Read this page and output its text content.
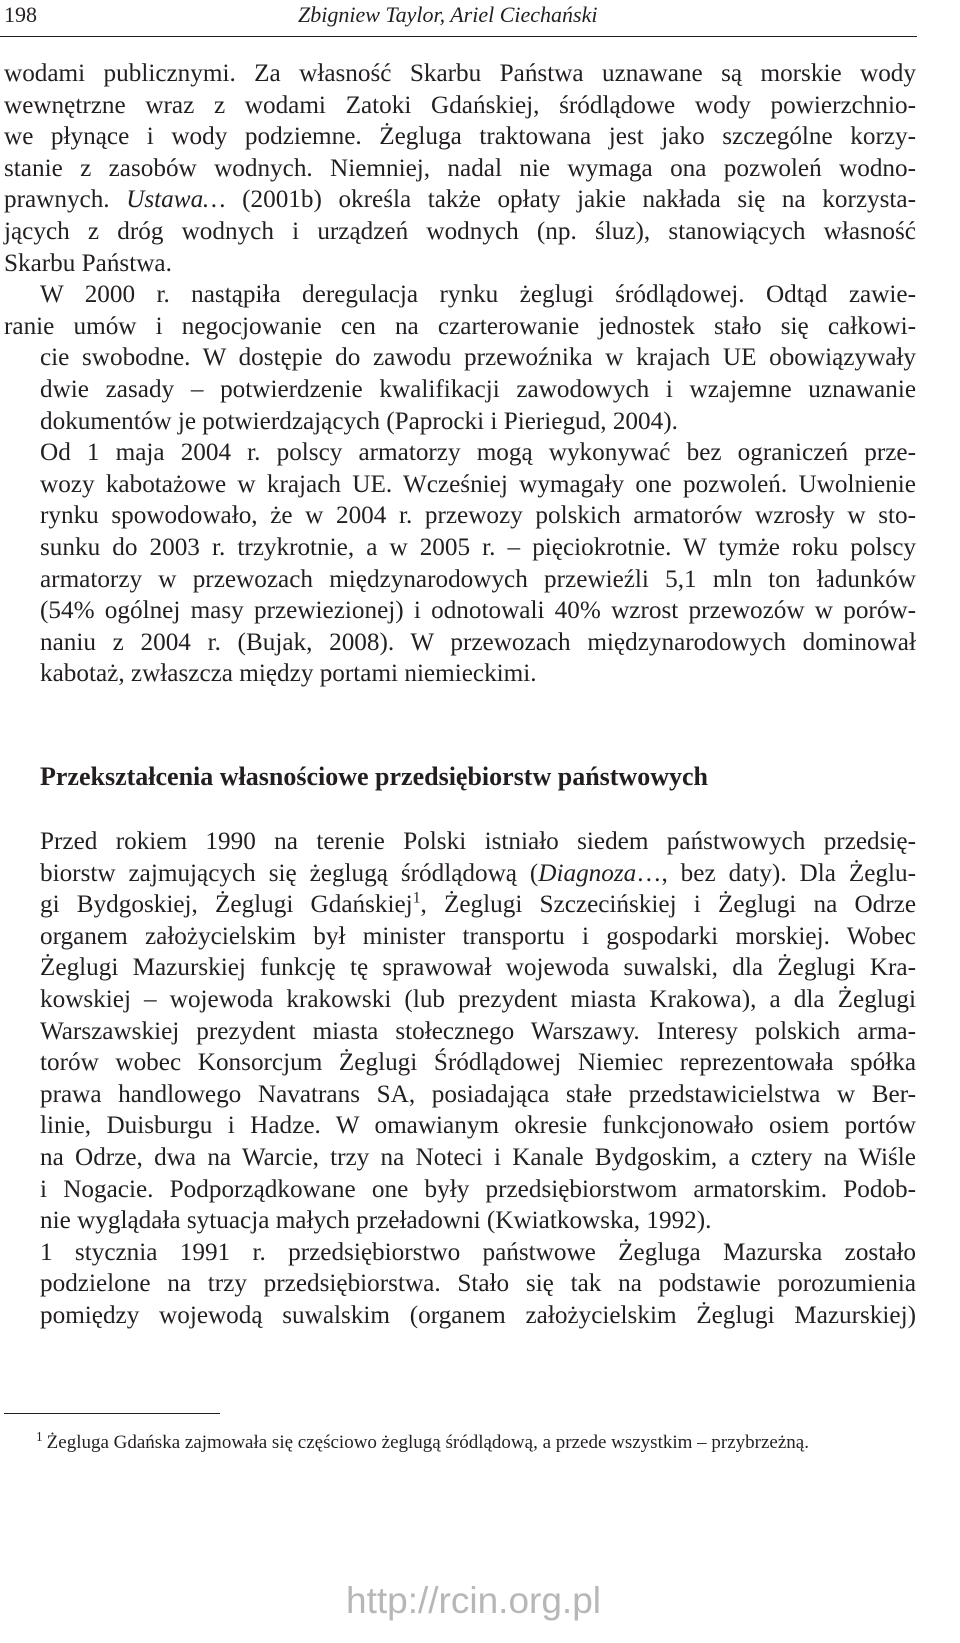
198	Zbigniew Taylor, Ariel Ciechański

wodami publicznymi. Za własność Skarbu Państwa uznawane są morskie wody
wewnętrzne wraz z wodami Zatoki Gdańskiej, śródlądowe wody powierzchnio-
we płynące i wody podziemne. Żegluga traktowana jest jako szczególne korzy-
stanie z zasobów wodnych. Niemniej, nadal nie wymaga ona pozwoleń wodno-
prawnych. Ustawa… (2001b) określa także opłaty jakie nakłada się na korzysta-
jących z dróg wodnych i urządzeń wodnych (np. śluz), stanowiących własność
Skarbu Państwa.

W 2000 r. nastąpiła deregulacja rynku żeglugi śródlądowej. Odtąd zawie-
ranie umów i negocjowanie cen na czarterowanie jednostek stało się całkowi-
cie swobodne. W dostępie do zawodu przewoźnika w krajach UE obowiązywały
dwie zasady – potwierdzenie kwalifikacji zawodowych i wzajemne uznawanie
dokumentów je potwierdzających (Paprocki i Pieriegud, 2004).

Od 1 maja 2004 r. polscy armatorzy mogą wykonywać bez ograniczeń prze-
wozy kabotażowe w krajach UE. Wcześniej wymagały one pozwoleń. Uwolnienie
rynku spowodowało, że w 2004 r. przewozy polskich armatorów wzrosły w sto-
sunku do 2003 r. trzykrotnie, a w 2005 r. – pięciokrotnie. W tymże roku polscy
armatorzy w przewozach międzynarodowych przewieźli 5,1 mln ton ładunków
(54% ogólnej masy przewiezionej) i odnotowali 40% wzrost przewozów w porów-
naniu z 2004 r. (Bujak, 2008). W przewozach międzynarodowych dominował
kabotaż, zwłaszcza między portami niemieckimi.

Przekształcenia własnościowe przedsiębiorstw państwowych

Przed rokiem 1990 na terenie Polski istniało siedem państwowych przedsię-
biorstw zajmujących się żeglugą śródlądową (Diagnoza…, bez daty). Dla Żeglu-
gi Bydgoskiej, Żeglugi Gdańskiej$^1$, Żeglugi Szczecińskiej i Żeglugi na Odrze
organem założycielskim był minister transportu i gospodarki morskiej. Wobec
Żeglugi Mazurskiej funkcję tę sprawował wojewoda suwalski, dla Żeglugi Kra-
kowskiej – wojewoda krakowski (lub prezydent miasta Krakowa), a dla Żeglugi
Warszawskiej prezydent miasta stołecznego Warszawy. Interesy polskich arma-
torów wobec Konsorcjum Żeglugi Śródlądowej Niemiec reprezentowała spółka
prawa handlowego Navatrans SA, posiadająca stałe przedstawicielstwa w Ber-
linie, Duisburgu i Hadze. W omawianym okresie funkcjonowało osiem portów
na Odrze, dwa na Warcie, trzy na Noteci i Kanale Bydgoskim, a cztery na Wiśle
i Nogacie. Podporządkowane one były przedsiębiorstwom armatorskim. Podob-
nie wyglądała sytuacja małych przeładowni (Kwiatkowska, 1992).

1 stycznia 1991 r. przedsiębiorstwo państwowe Żegluga Mazurska zostało
podzielone na trzy przedsiębiorstwa. Stało się tak na podstawie porozumienia
pomiędzy wojewodą suwalskim (organem założycielskim Żeglugi Mazurskiej)

$^1$ Żegluga Gdańska zajmowała się częściowo żeglugą śródlądową, a przede wszystkim – przybrzeżną.
http://rcin.org.pl
